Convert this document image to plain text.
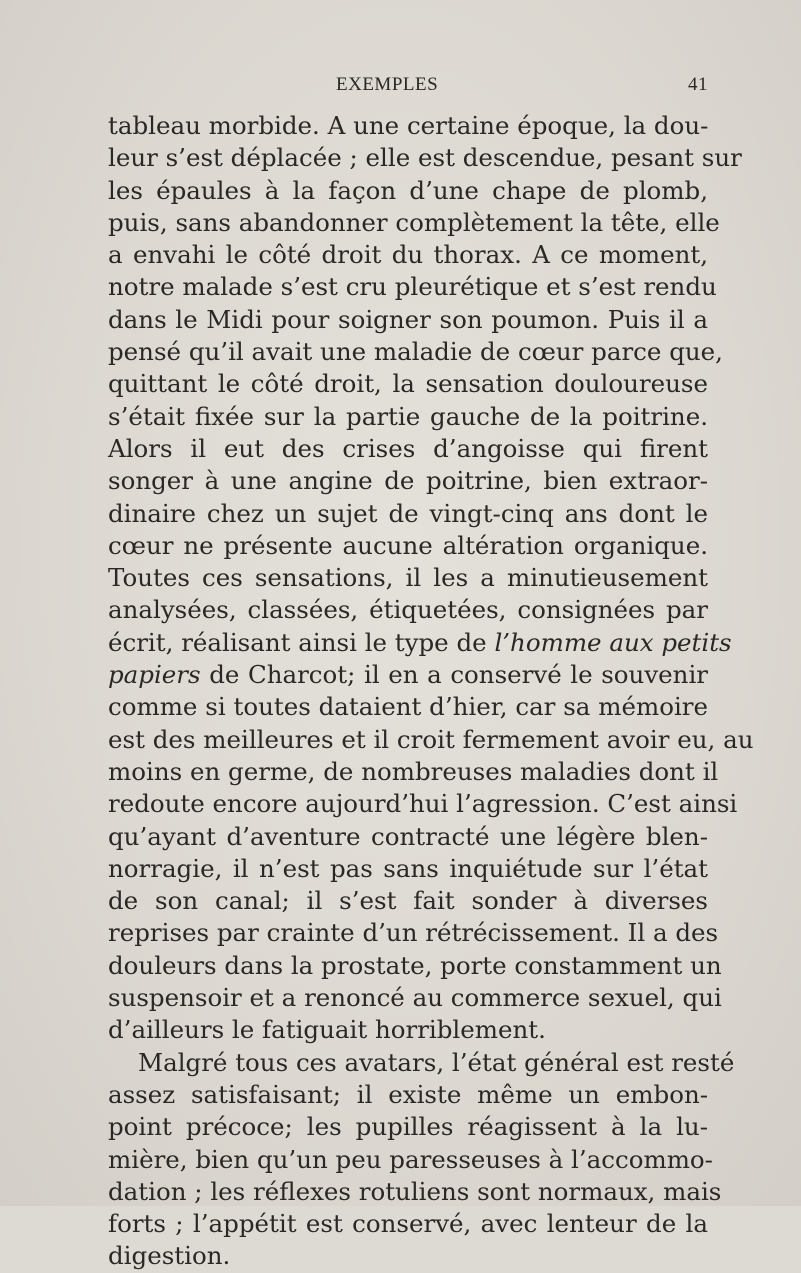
EXEMPLES	41
tableau morbide. A une certaine époque, la dou-
leur s’est déplacée ; elle est descendue, pesant sur
les épaules à la façon d’une chape de plomb,
puis, sans abandonner complètement la tête, elle
a envahi le côté droit du thorax. A ce moment,
notre malade s’est cru pleurétique et s’est rendu
dans le Midi pour soigner son poumon. Puis il a
pensé qu’il avait une maladie de cœur parce que,
quittant le côté droit, la sensation douloureuse
s’était fixée sur la partie gauche de la poitrine.
Alors il eut des crises d’angoisse qui firent
songer à une angine de poitrine, bien extraor-
dinaire chez un sujet de vingt-cinq ans dont le
cœur ne présente aucune altération organique.
Toutes ces sensations, il les a minutieusement
analysées, classées, étiquetées, consignées par
écrit, réalisant ainsi le type de l’homme aux petits
papiers de Charcot; il en a conservé le souvenir
comme si toutes dataient d’hier, car sa mémoire
est des meilleures et il croit fermement avoir eu, au
moins en germe, de nombreuses maladies dont il
redoute encore aujourd’hui l’agression. C’est ainsi
qu’ayant d’aventure contracté une légère blen-
norragie, il n’est pas sans inquiétude sur l’état
de son canal; il s’est fait sonder à diverses
reprises par crainte d’un rétrécissement. Il a des
douleurs dans la prostate, porte constamment un
suspensoir et a renoncé au commerce sexuel, qui
d’ailleurs le fatiguait horriblement.
Malgré tous ces avatars, l’état général est resté
assez satisfaisant; il existe même un embon-
point précoce; les pupilles réagissent à la lu-
mière, bien qu’un peu paresseuses à l’accommo-
dation ; les réflexes rotuliens sont normaux, mais
forts ; l’appétit est conservé, avec lenteur de la
digestion.
